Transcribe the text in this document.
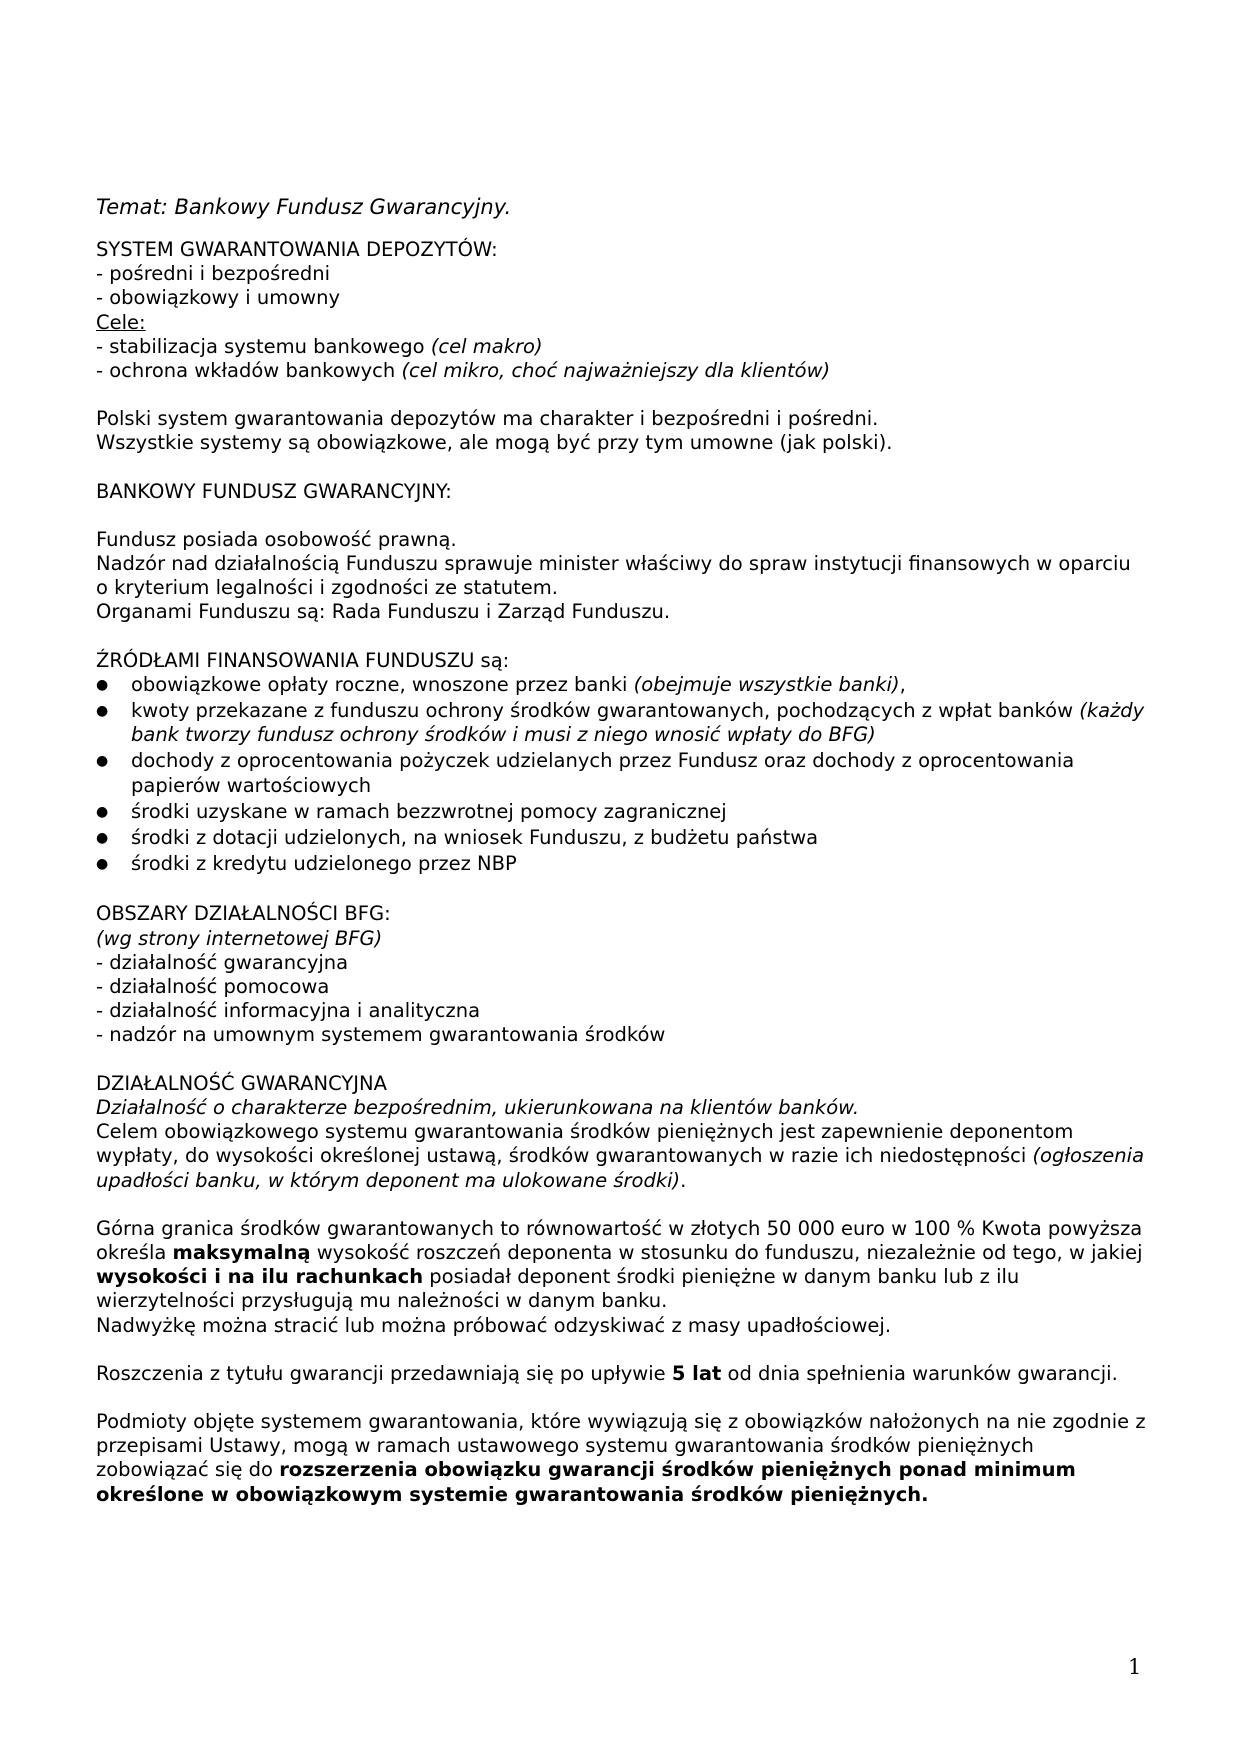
Temat: Bankowy Fundusz Gwarancyjny.

SYSTEM GWARANTOWANIA DEPOZYTÓW:

- pośredni i bezpośredni

- obowiązkowy i umowny

Cele:

- stabilizacja systemu bankowego (cel makro)

- ochrona wkładów bankowych (cel mikro, choć najważniejszy dla klientów)

Polski system gwarantowania depozytów ma charakter i bezpośredni i pośredni.

Wszystkie systemy są obowiązkowe, ale mogą być przy tym umowne (jak polski).

BANKOWY FUNDUSZ GWARANCYJNY:

Fundusz posiada osobowość prawną.

Nadzór nad działalnością Funduszu sprawuje minister właściwy do spraw instytucji finansowych w oparciu o kryterium legalności i zgodności ze statutem.

Organami Funduszu są: Rada Funduszu i Zarząd Funduszu.

ŹRÓDŁAMI FINANSOWANIA FUNDUSZU są:

● obowiązkowe opłaty roczne, wnoszone przez banki (obejmuje wszystkie banki),
● kwoty przekazane z funduszu ochrony środków gwarantowanych, pochodzących z wpłat banków (każdy bank tworzy fundusz ochrony środków i musi z niego wnosić wpłaty do BFG)
● dochody z oprocentowania pożyczek udzielanych przez Fundusz oraz dochody z oprocentowania papierów wartościowych
● środki uzyskane w ramach bezzwrotnej pomocy zagranicznej
● środki z dotacji udzielonych, na wniosek Funduszu, z budżetu państwa
● środki z kredytu udzielonego przez NBP

OBSZARY DZIAŁALNOŚCI BFG:

(wg strony internetowej BFG)

- działalność gwarancyjna

- działalność pomocowa

- działalność informacyjna i analityczna

- nadzór na umownym systemem gwarantowania środków

DZIAŁALNOŚĆ GWARANCYJNA

Działalność o charakterze bezpośrednim, ukierunkowana na klientów banków.

Celem obowiązkowego systemu gwarantowania środków pieniężnych jest zapewnienie deponentom wypłaty, do wysokości określonej ustawą, środków gwarantowanych w razie ich niedostępności (ogłoszenia upadłości banku, w którym deponent ma ulokowane środki).

Górna granica środków gwarantowanych to równowartość w złotych 50 000 euro w 100 % Kwota powyższa określa maksymalną wysokość roszczeń deponenta w stosunku do funduszu, niezależnie od tego, w jakiej wysokości i na ilu rachunkach posiadał deponent środki pieniężne w danym banku lub z ilu wierzytelności przysługują mu należności w danym banku.

Nadwyżkę można stracić lub można próbować odzyskiwać z masy upadłościowej.

Roszczenia z tytułu gwarancji przedawniają się po upływie 5 lat od dnia spełnienia warunków gwarancji.

Podmioty objęte systemem gwarantowania, które wywiązują się z obowiązków nałożonych na nie zgodnie z przepisami Ustawy, mogą w ramach ustawowego systemu gwarantowania środków pieniężnych zobowiązać się do rozszerzenia obowiązku gwarancji środków pieniężnych ponad minimum określone w obowiązkowym systemie gwarantowania środków pieniężnych.

1
